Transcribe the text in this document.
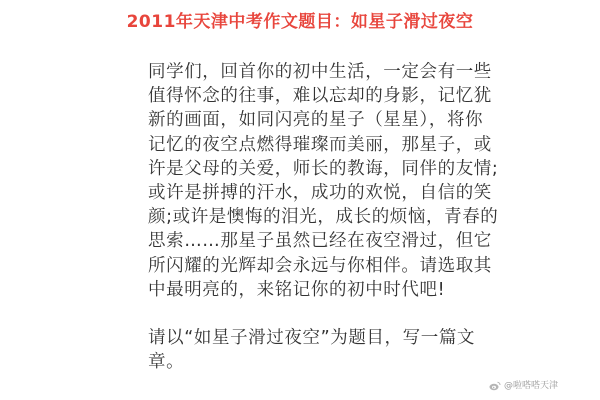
2011年天津中考作文题目：如星子滑过夜空
同学们，回首你的初中生活，一定会有一些
值得怀念的往事，难以忘却的身影，记忆犹
新的画面，如同闪亮的星子（星星），将你
记忆的夜空点燃得璀璨而美丽，那星子，或
许是父母的关爱，师长的教诲，同伴的友情;
或许是拼搏的汗水，成功的欢悦，自信的笑
颜;或许是懊悔的泪光，成长的烦恼，青春的
思索……那星子虽然已经在夜空滑过，但它
所闪耀的光辉却会永远与你相伴。请选取其
中最明亮的，来铭记你的初中时代吧!
请以“如星子滑过夜空”为题目，写一篇文
章。
@啦嗒嗒天津
